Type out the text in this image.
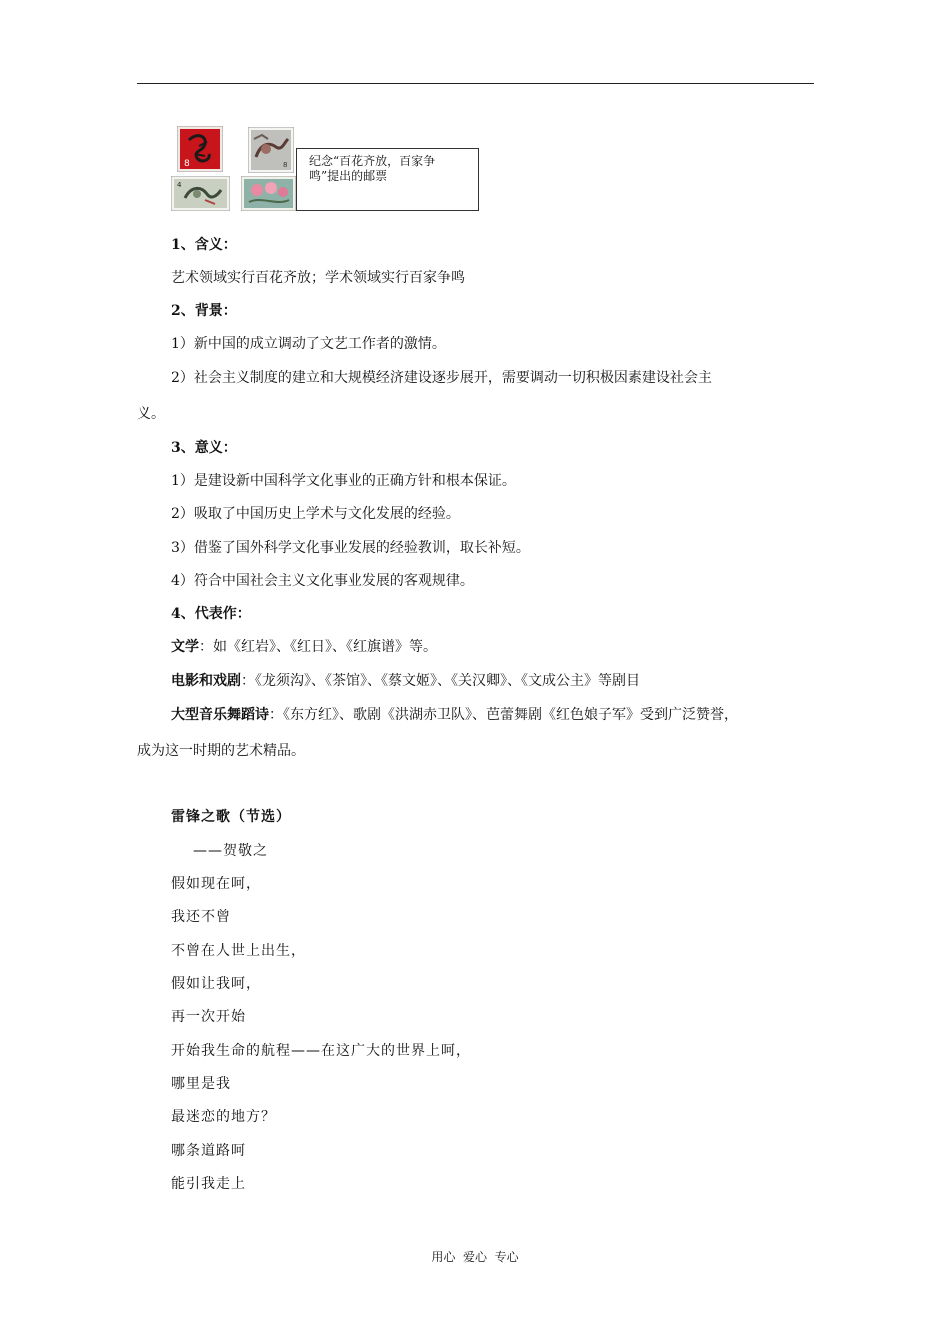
8	8
4
纪念“百花齐放，百家争
鸣”提出的邮票
1、含义：
艺术领域实行百花齐放；学术领域实行百家争鸣
2、背景：
1）新中国的成立调动了文艺工作者的激情。
2）社会主义制度的建立和大规模经济建设逐步展开，需要调动一切积极因素建设社会主
义。
3、意义：
1）是建设新中国科学文化事业的正确方针和根本保证。
2）吸取了中国历史上学术与文化发展的经验。
3）借鉴了国外科学文化事业发展的经验教训，取长补短。
4）符合中国社会主义文化事业发展的客观规律。
4、代表作：
文学：如《红岩》、《红日》、《红旗谱》等。
电影和戏剧：《龙须沟》、《茶馆》、《蔡文姬》、《关汉卿》、《文成公主》等剧目
大型音乐舞蹈诗：《东方红》、歌剧《洪湖赤卫队》、芭蕾舞剧《红色娘子军》受到广泛赞誉，
成为这一时期的艺术精品。
雷锋之歌（节选）
——贺敬之
假如现在呵，
我还不曾
不曾在人世上出生，
假如让我呵，
再一次开始
开始我生命的航程——在这广大的世界上呵，
哪里是我
最迷恋的地方？
哪条道路呵
能引我走上
用心  爱心  专心
